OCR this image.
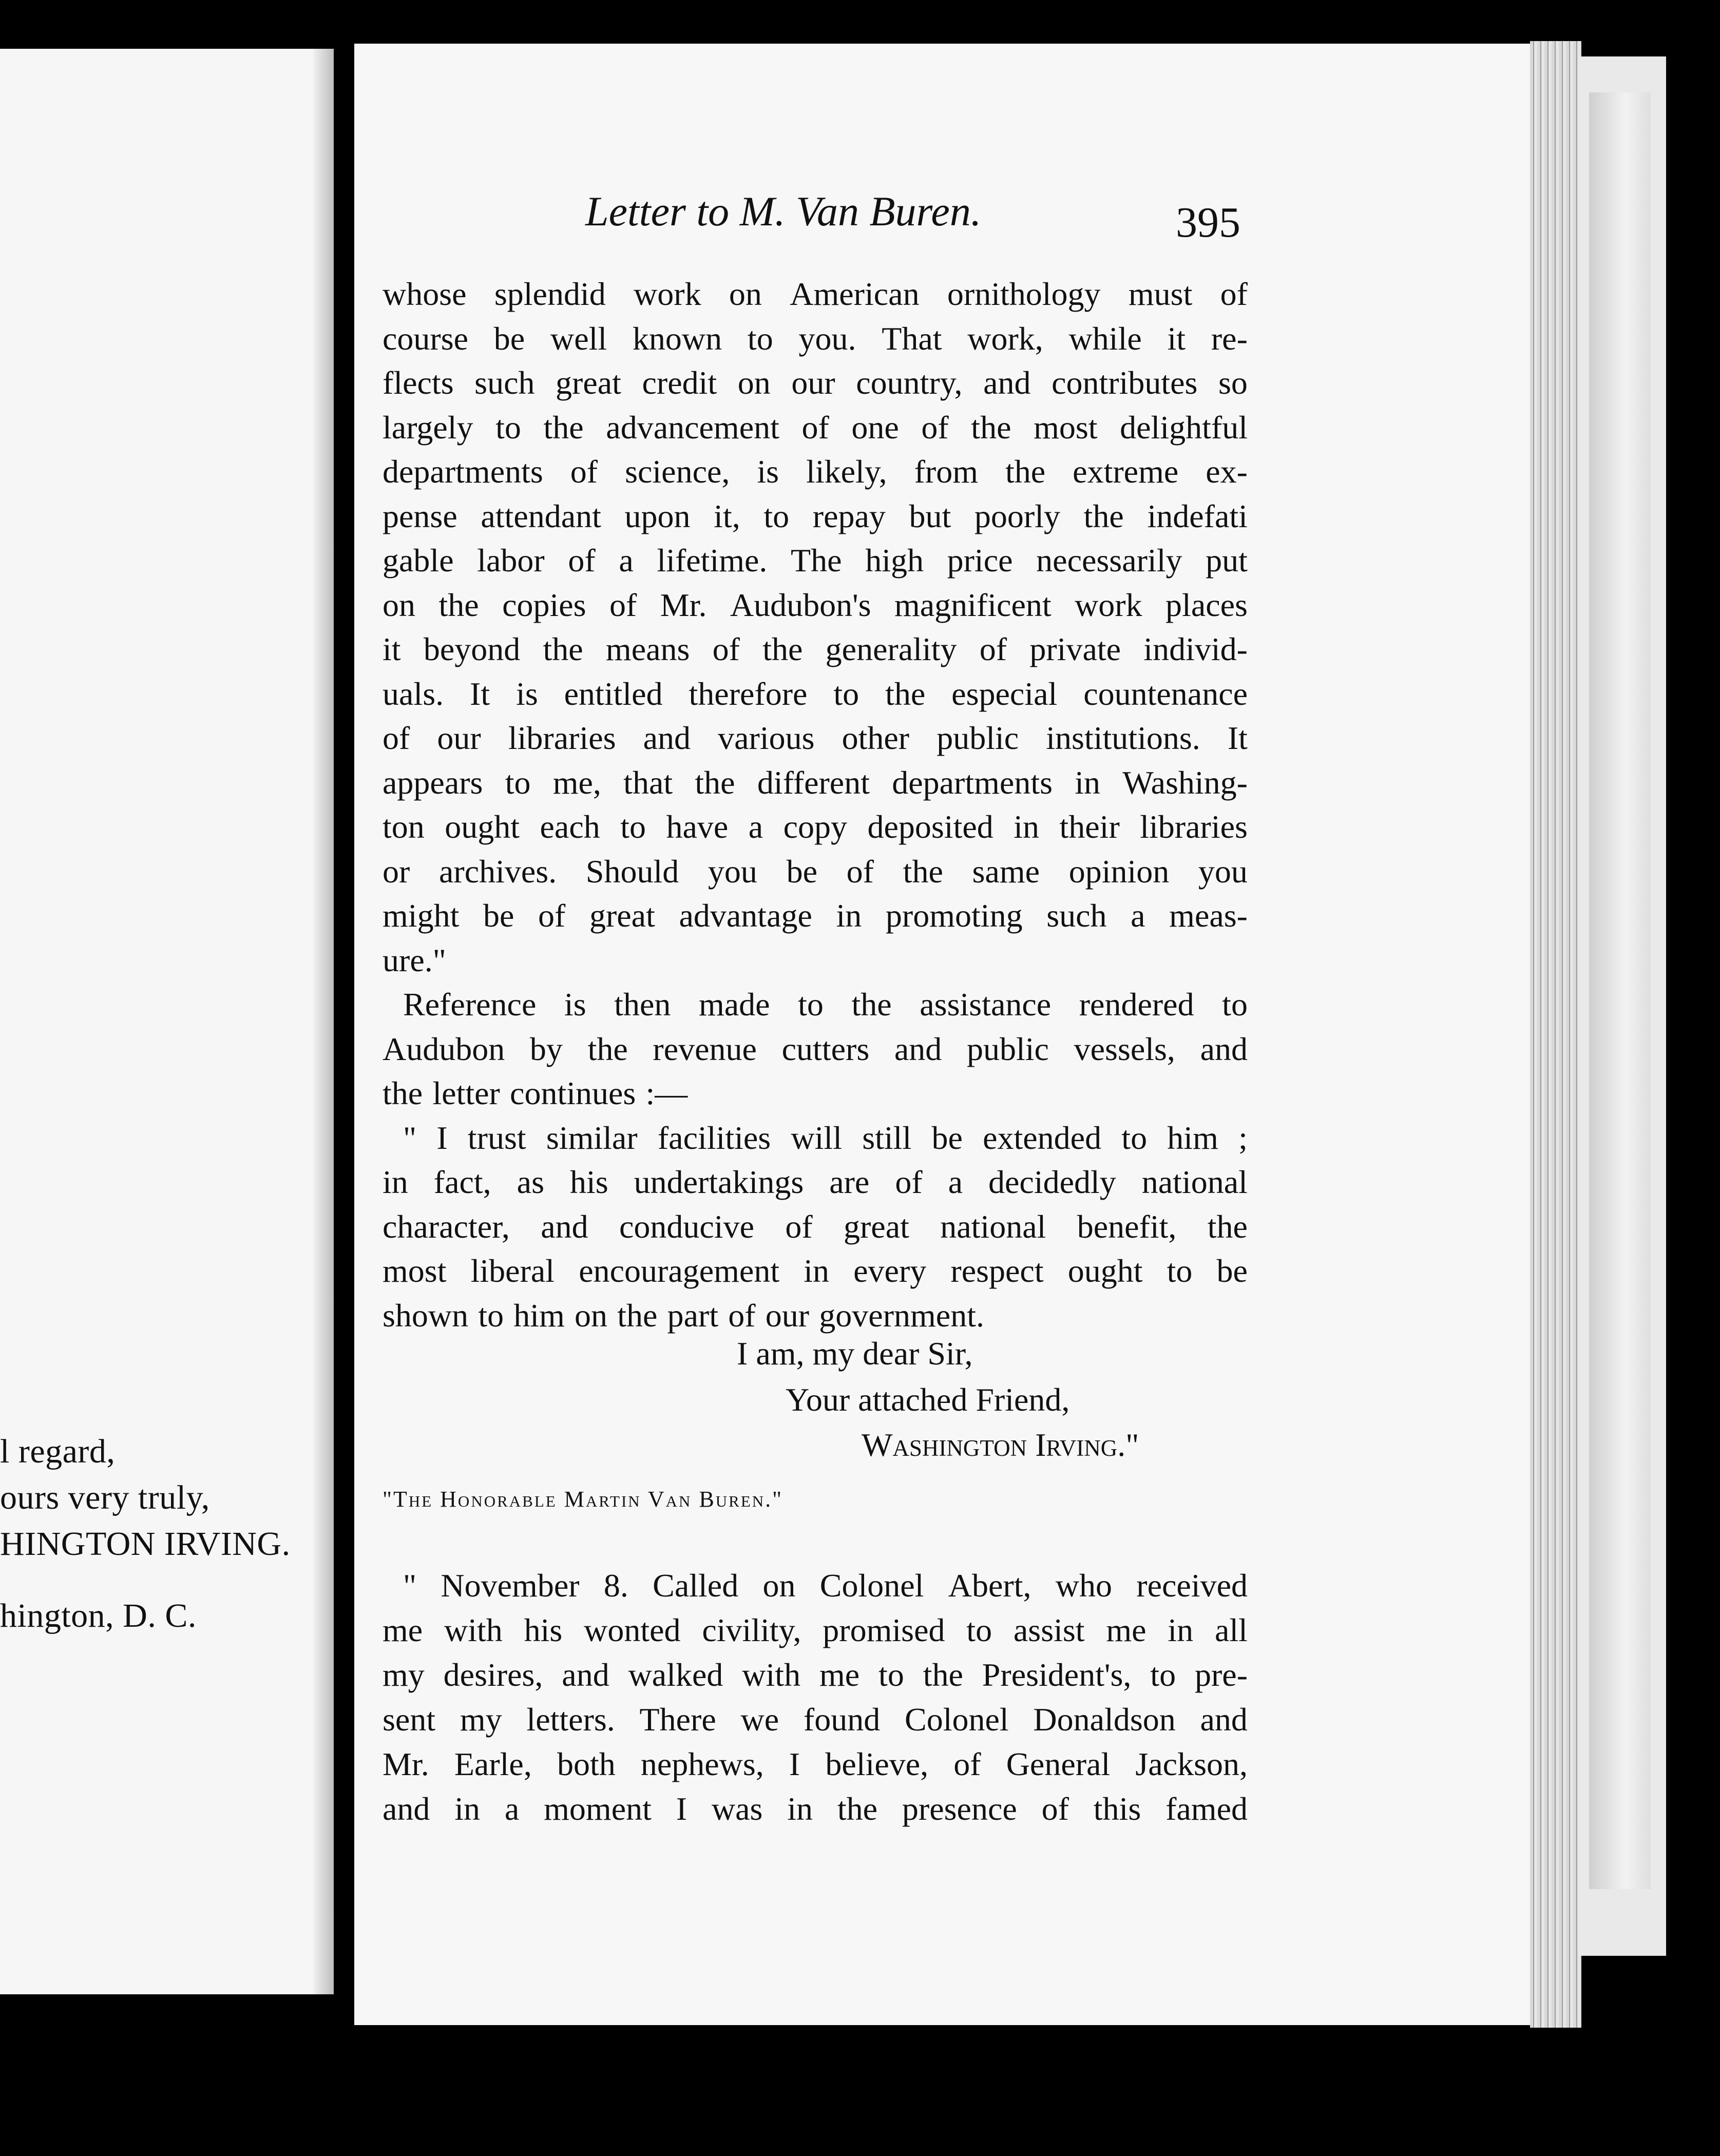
l regard,
ours very truly,
HINGTON IRVING.
hington, D. C.
Letter to M. Van Buren.	395
whose splendid work on American ornithology must of
course be well known to you. That work, while it re-
flects such great credit on our country, and contributes so
largely to the advancement of one of the most delightful
departments of science, is likely, from the extreme ex-
pense attendant upon it, to repay but poorly the indefati
gable labor of a lifetime. The high price necessarily put
on the copies of Mr. Audubon's magnificent work places
it beyond the means of the generality of private individ-
uals. It is entitled therefore to the especial countenance
of our libraries and various other public institutions. It
appears to me, that the different departments in Washing-
ton ought each to have a copy deposited in their libraries
or archives. Should you be of the same opinion you
might be of great advantage in promoting such a meas-
ure."
Reference is then made to the assistance rendered to
Audubon by the revenue cutters and public vessels, and
the letter continues :—
" I trust similar facilities will still be extended to him ;
in fact, as his undertakings are of a decidedly national
character, and conducive of great national benefit, the
most liberal encouragement in every respect ought to be
shown to him on the part of our government.
I am, my dear Sir,
Your attached Friend,
Washington Irving."
"The Honorable Martin Van Buren."
" November 8. Called on Colonel Abert, who received
me with his wonted civility, promised to assist me in all
my desires, and walked with me to the President's, to pre-
sent my letters. There we found Colonel Donaldson and
Mr. Earle, both nephews, I believe, of General Jackson,
and in a moment I was in the presence of this famed
